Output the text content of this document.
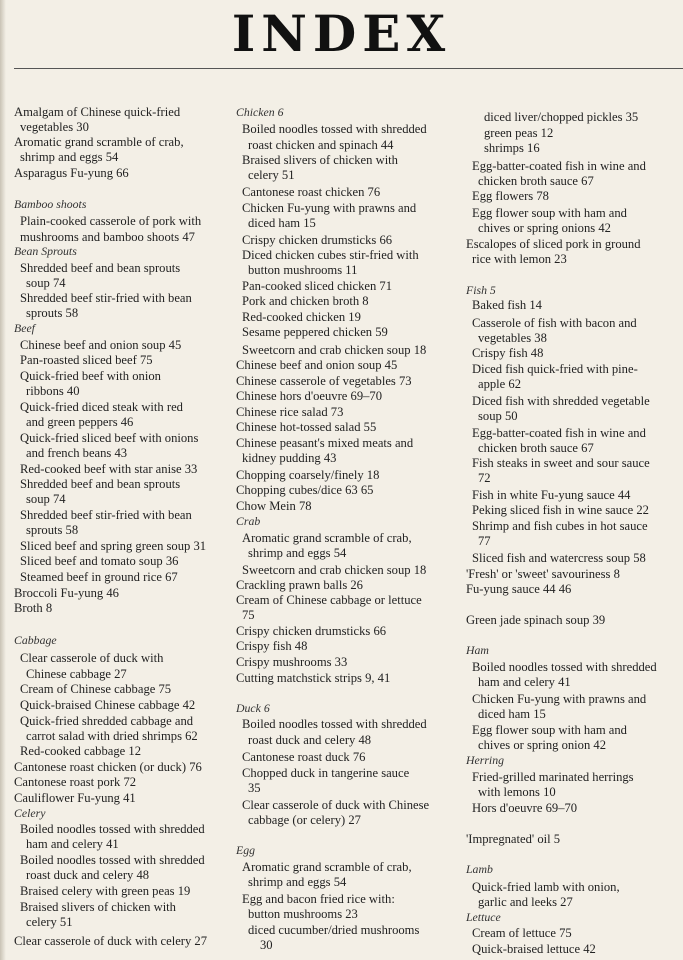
INDEX
Amalgam of Chinese quick-fried
vegetables 30
Aromatic grand scramble of crab,
shrimp and eggs 54
Asparagus Fu-yung 66
Bamboo shoots
Plain-cooked casserole of pork with
mushrooms and bamboo shoots 47
Bean Sprouts
Shredded beef and bean sprouts
soup 74
Shredded beef stir-fried with bean
sprouts 58
Beef
Chinese beef and onion soup 45
Pan-roasted sliced beef 75
Quick-fried beef with onion
ribbons 40
Quick-fried diced steak with red
and green peppers 46
Quick-fried sliced beef with onions
and french beans 43
Red-cooked beef with star anise 33
Shredded beef and bean sprouts
soup 74
Shredded beef stir-fried with bean
sprouts 58
Sliced beef and spring green soup 31
Sliced beef and tomato soup 36
Steamed beef in ground rice 67
Broccoli Fu-yung 46
Broth 8
Cabbage
Clear casserole of duck with
Chinese cabbage 27
Cream of Chinese cabbage 75
Quick-braised Chinese cabbage 42
Quick-fried shredded cabbage and
carrot salad with dried shrimps 62
Red-cooked cabbage 12
Cantonese roast chicken (or duck) 76
Cantonese roast pork 72
Cauliflower Fu-yung 41
Celery
Boiled noodles tossed with shredded
ham and celery 41
Boiled noodles tossed with shredded
roast duck and celery 48
Braised celery with green peas 19
Braised slivers of chicken with
celery 51
Clear casserole of duck with celery 27
Chicken 6
Boiled noodles tossed with shredded
roast chicken and spinach 44
Braised slivers of chicken with
celery 51
Cantonese roast chicken 76
Chicken Fu-yung with prawns and
diced ham 15
Crispy chicken drumsticks 66
Diced chicken cubes stir-fried with
button mushrooms 11
Pan-cooked sliced chicken 71
Pork and chicken broth 8
Red-cooked chicken 19
Sesame peppered chicken 59
Sweetcorn and crab chicken soup 18
Chinese beef and onion soup 45
Chinese casserole of vegetables 73
Chinese hors d'oeuvre 69–70
Chinese rice salad 73
Chinese hot-tossed salad 55
Chinese peasant's mixed meats and
kidney pudding 43
Chopping coarsely/finely 18
Chopping cubes/dice 63 65
Chow Mein 78
Crab
Aromatic grand scramble of crab,
shrimp and eggs 54
Sweetcorn and crab chicken soup 18
Crackling prawn balls 26
Cream of Chinese cabbage or lettuce
75
Crispy chicken drumsticks 66
Crispy fish 48
Crispy mushrooms 33
Cutting matchstick strips 9, 41
Duck 6
Boiled noodles tossed with shredded
roast duck and celery 48
Cantonese roast duck 76
Chopped duck in tangerine sauce
35
Clear casserole of duck with Chinese
cabbage (or celery) 27
Egg
Aromatic grand scramble of crab,
shrimp and eggs 54
Egg and bacon fried rice with:
button mushrooms 23
diced cucumber/dried mushrooms
30
diced liver/chopped pickles 35
green peas 12
shrimps 16
Egg-batter-coated fish in wine and
chicken broth sauce 67
Egg flowers 78
Egg flower soup with ham and
chives or spring onions 42
Escalopes of sliced pork in ground
rice with lemon 23
Fish 5
Baked fish 14
Casserole of fish with bacon and
vegetables 38
Crispy fish 48
Diced fish quick-fried with pine-
apple 62
Diced fish with shredded vegetable
soup 50
Egg-batter-coated fish in wine and
chicken broth sauce 67
Fish steaks in sweet and sour sauce
72
Fish in white Fu-yung sauce 44
Peking sliced fish in wine sauce 22
Shrimp and fish cubes in hot sauce
77
Sliced fish and watercress soup 58
'Fresh' or 'sweet' savouriness 8
Fu-yung sauce 44 46
Green jade spinach soup 39
Ham
Boiled noodles tossed with shredded
ham and celery 41
Chicken Fu-yung with prawns and
diced ham 15
Egg flower soup with ham and
chives or spring onion 42
Herring
Fried-grilled marinated herrings
with lemons 10
Hors d'oeuvre 69–70
'Impregnated' oil 5
Lamb
Quick-fried lamb with onion,
garlic and leeks 27
Lettuce
Cream of lettuce 75
Quick-braised lettuce 42
